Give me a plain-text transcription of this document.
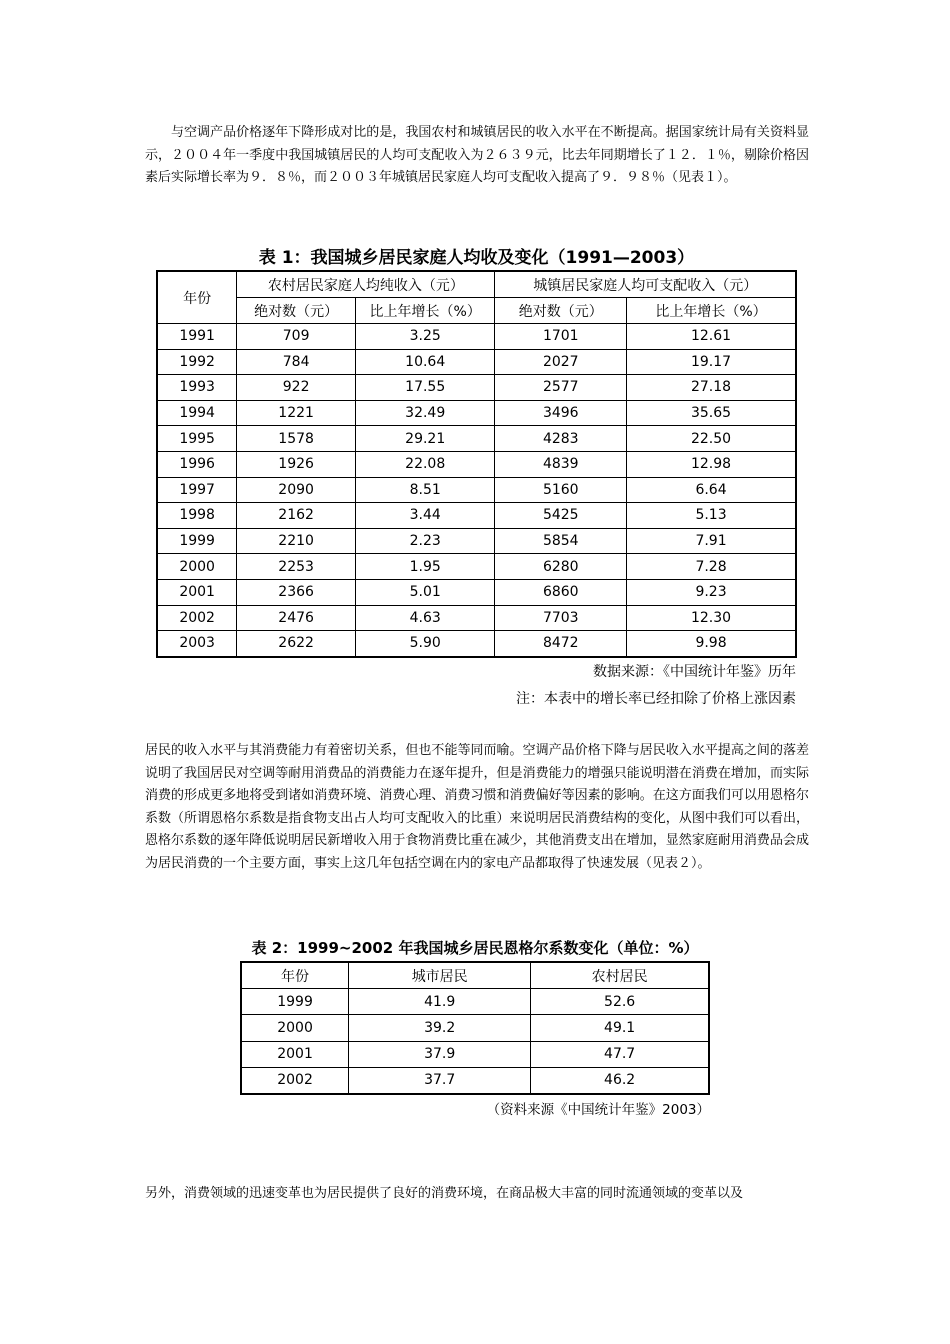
与空调产品价格逐年下降形成对比的是，我国农村和城镇居民的收入水平在不断提高。据国家统计局有关资料显示，２００４年一季度中我国城镇居民的人均可支配收入为２６３９元，比去年同期增长了１２．１％，剔除价格因素后实际增长率为９．８％，而２００３年城镇居民家庭人均可支配收入提高了９．９８％（见表１）。

表 1：我国城乡居民家庭人均收及变化（1991—2003）
年份	农村居民家庭人均纯收入（元）		城镇居民家庭人均可支配收入（元）	
	绝对数（元）	比上年增长（%）	绝对数（元）	比上年增长（%）
1991	709	3.25	1701	12.61
1992	784	10.64	2027	19.17
1993	922	17.55	2577	27.18
1994	1221	32.49	3496	35.65
1995	1578	29.21	4283	22.50
1996	1926	22.08	4839	12.98
1997	2090	8.51	5160	6.64
1998	2162	3.44	5425	5.13
1999	2210	2.23	5854	7.91
2000	2253	1.95	6280	7.28
2001	2366	5.01	6860	9.23
2002	2476	4.63	7703	12.30
2003	2622	5.90	8472	9.98
数据来源：《中国统计年鉴》历年
注：本表中的增长率已经扣除了价格上涨因素

居民的收入水平与其消费能力有着密切关系，但也不能等同而喻。空调产品价格下降与居民收入水平提高之间的落差说明了我国居民对空调等耐用消费品的消费能力在逐年提升，但是消费能力的增强只能说明潜在消费在增加，而实际消费的形成更多地将受到诸如消费环境、消费心理、消费习惯和消费偏好等因素的影响。在这方面我们可以用恩格尔系数（所谓恩格尔系数是指食物支出占人均可支配收入的比重）来说明居民消费结构的变化，从图中我们可以看出，恩格尔系数的逐年降低说明居民新增收入用于食物消费比重在减少，其他消费支出在增加，显然家庭耐用消费品会成为居民消费的一个主要方面，事实上这几年包括空调在内的家电产品都取得了快速发展（见表２）。

表 2：1999~2002 年我国城乡居民恩格尔系数变化（单位：%）
年份	城市居民	农村居民
1999	41.9	52.6
2000	39.2	49.1
2001	37.9	47.7
2002	37.7	46.2
（资料来源《中国统计年鉴》2003）

另外，消费领域的迅速变革也为居民提供了良好的消费环境，在商品极大丰富的同时流通领域的变革以及
